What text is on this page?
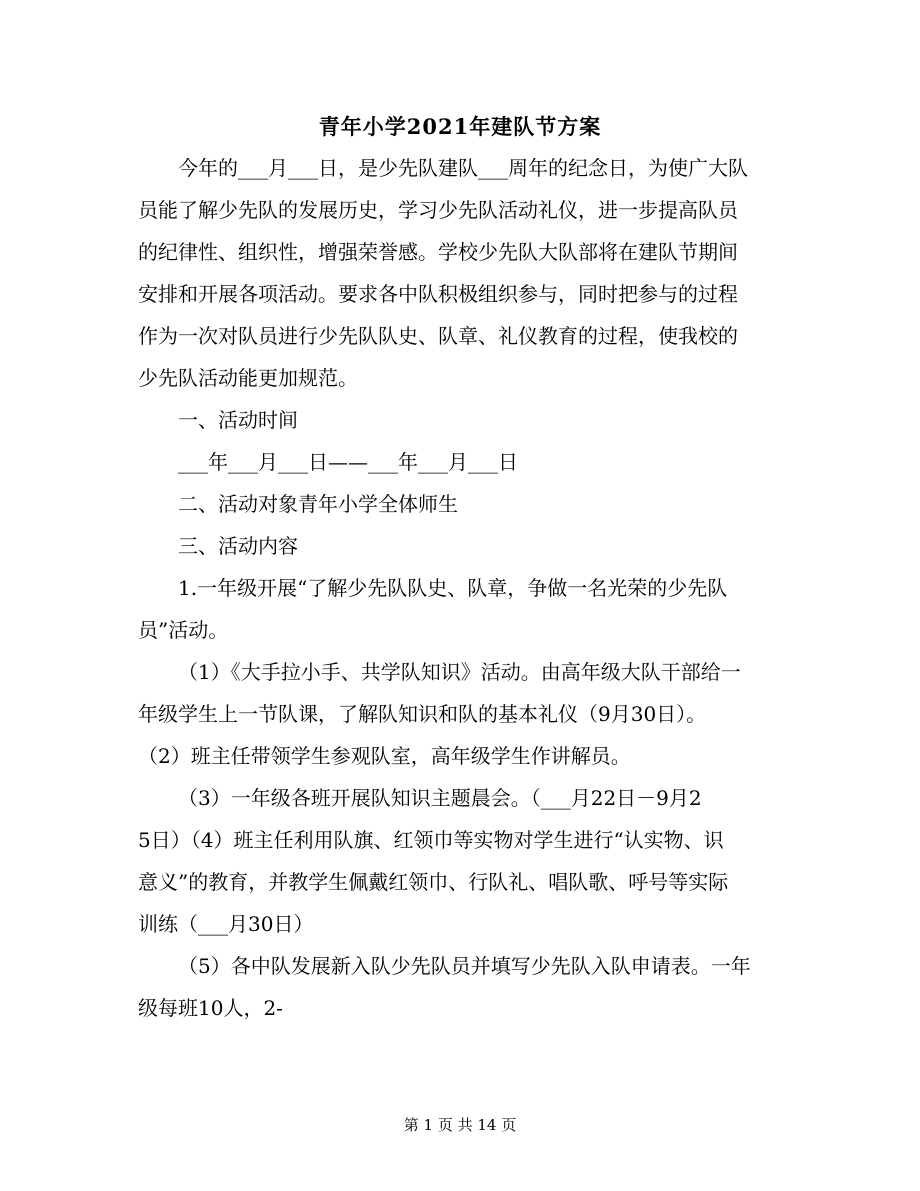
青年小学2021年建队节方案
今年的___月___日，是少先队建队___周年的纪念日，为使广大队
员能了解少先队的发展历史，学习少先队活动礼仪，进一步提高队员
的纪律性、组织性，增强荣誉感。学校少先队大队部将在建队节期间
安排和开展各项活动。要求各中队积极组织参与，同时把参与的过程
作为一次对队员进行少先队队史、队章、礼仪教育的过程，使我校的
少先队活动能更加规范。
一、活动时间
___年___月___日——___年___月___日
二、活动对象青年小学全体师生
三、活动内容
1.一年级开展“了解少先队队史、队章，争做一名光荣的少先队
员”活动。
（1）《大手拉小手、共学队知识》活动。由高年级大队干部给一
年级学生上一节队课，了解队知识和队的基本礼仪（9月30日）。
（2）班主任带领学生参观队室，高年级学生作讲解员。
（3）一年级各班开展队知识主题晨会。（___月22日－9月2
5日）（4）班主任利用队旗、红领巾等实物对学生进行“认实物、识
意义”的教育，并教学生佩戴红领巾、行队礼、唱队歌、呼号等实际
训练（___月30日）
（5）各中队发展新入队少先队员并填写少先队入队申请表。一年
级每班10人，2-
第 1 页 共 14 页
